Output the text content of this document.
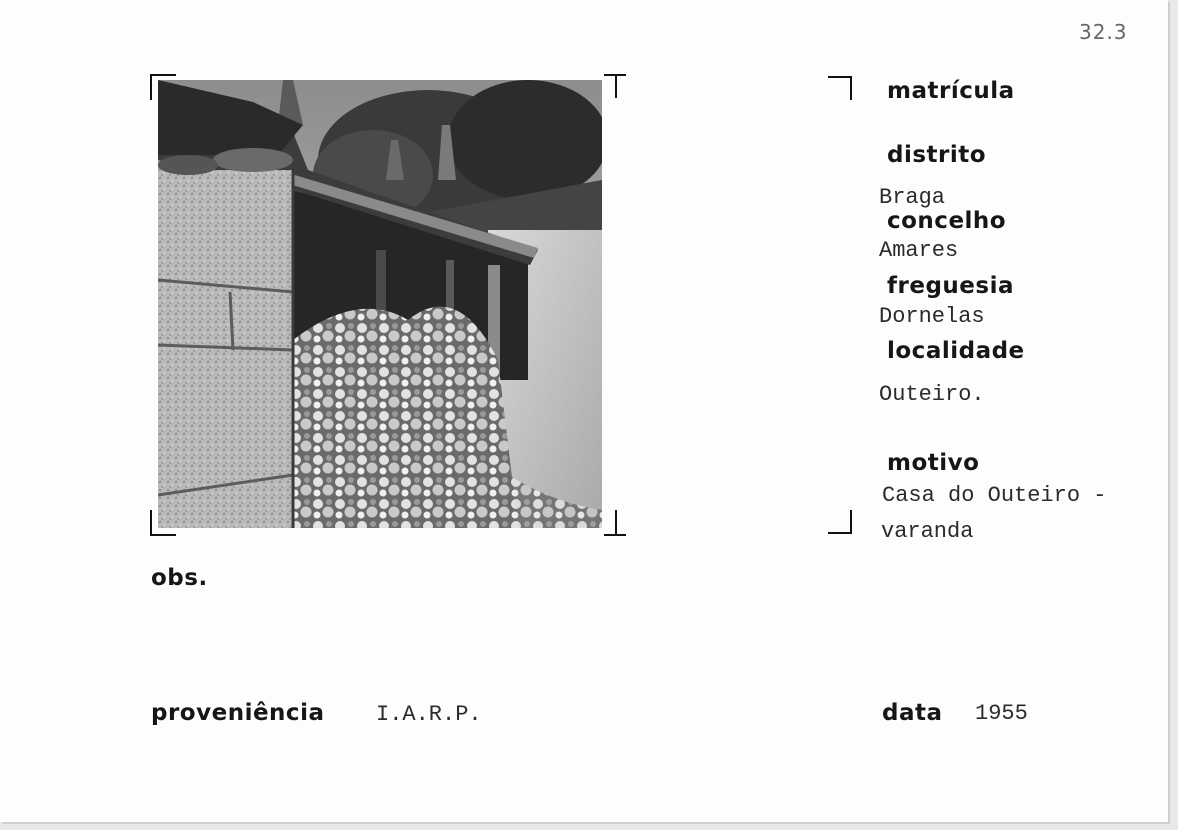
32.3
matrícula
distrito
Braga
concelho
Amares
freguesia
Dornelas
localidade
Outeiro.
motivo
Casa do Outeiro -
varanda
obs.
proveniência I.A.R.P.	data 1955
